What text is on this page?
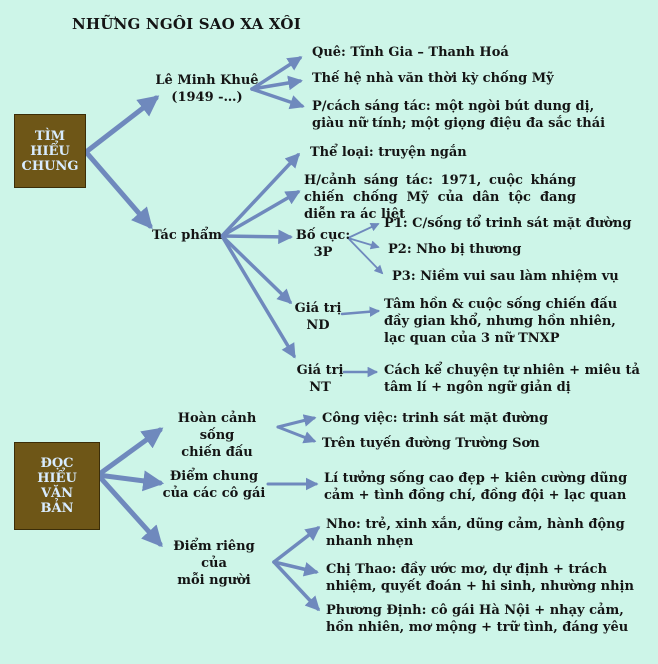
NHỮNG NGÔI SAO XA XÔI
TÌM
HIỂU
CHUNG
Lê Minh Khuê
(1949 -…)
Quê: Tĩnh Gia – Thanh Hoá
Thế hệ nhà văn thời kỳ chống Mỹ
P/cách sáng tác: một ngòi bút dung dị,
giàu nữ tính; một giọng điệu đa sắc thái
Tác phẩm
Thể loại: truyện ngắn
H/cảnh sáng tác: 1971, cuộc kháng chiến chống Mỹ của dân tộc đang diễn ra ác liệt
Bố cục:
3P
P1: C/sống tổ trinh sát mặt đường
P2: Nho bị thương
P3: Niềm vui sau làm nhiệm vụ
Giá trị
ND
Tâm hồn & cuộc sống chiến đấu
đầy gian khổ, nhưng hồn nhiên,
lạc quan của 3 nữ TNXP
Giá trị
NT
Cách kể chuyện tự nhiên + miêu tả
tâm lí + ngôn ngữ giản dị
ĐỌC
HIỂU
VĂN
BẢN
Hoàn cảnh sống
chiến đấu
Công việc: trinh sát mặt đường
Trên tuyến đường Trường Sơn
Điểm chung
của các cô gái
Lí tưởng sống cao đẹp + kiên cường dũng
cảm + tình đồng chí, đồng đội + lạc quan
Điểm riêng của
mỗi người
Nho: trẻ, xinh xắn, dũng cảm, hành động
nhanh nhẹn
Chị Thao: đầy ước mơ, dự định + trách
nhiệm, quyết đoán + hi sinh, nhường nhịn
Phương Định: cô gái Hà Nội + nhạy cảm,
hồn nhiên, mơ mộng + trữ tình, đáng yêu
